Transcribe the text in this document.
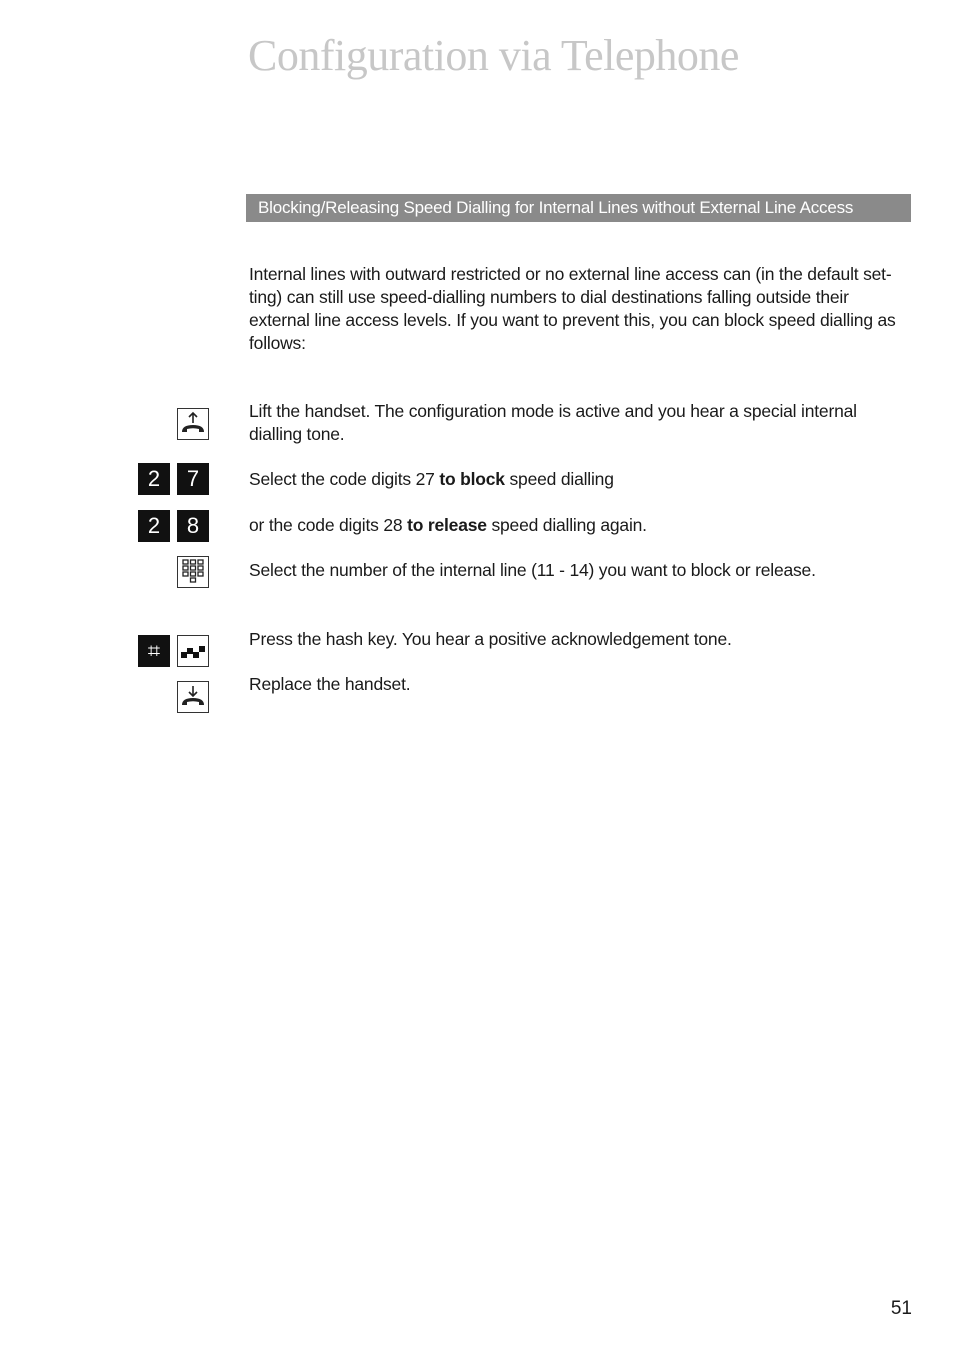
Configuration via Telephone
Blocking/Releasing Speed Dialling for Internal Lines without External Line Access

Internal lines with outward restricted or no external line access can (in the default set-ting) can still use speed-dialling numbers to dial destinations falling outside their external line access levels. If you want to prevent this, you can block speed dialling as follows:

Lift the handset. The configuration mode is active and you hear a special internal dialling tone.

2	7	Select the code digits 27 to block speed dialling

2	8	or the code digits 28 to release speed dialling again.

Select the number of the internal line (11 - 14) you want to block or release.

⌗	Press the hash key. You hear a positive acknowledgement tone.

Replace the handset.

51
